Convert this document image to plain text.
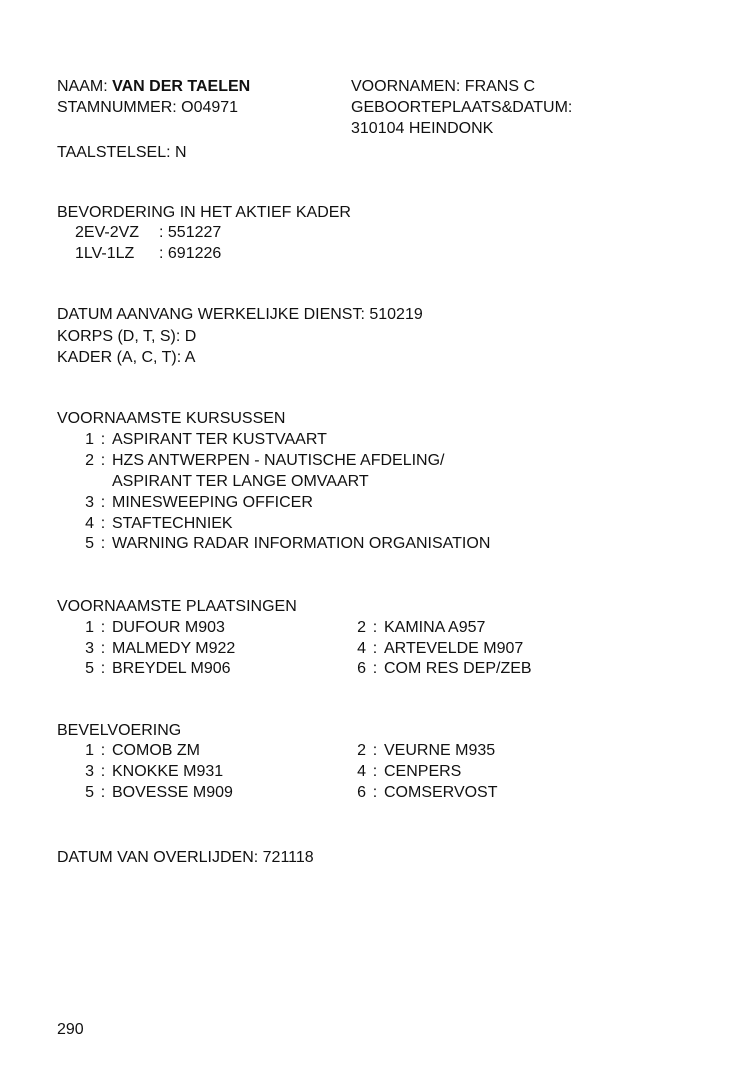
NAAM: VAN DER TAELEN
STAMNUMMER: O04971
VOORNAMEN: FRANS C
GEBOORTEPLAATS&DATUM:
310104 HEINDONK
TAALSTELSEL: N
BEVORDERING IN HET AKTIEF KADER
2EV-2VZ : 551227
1LV-1LZ : 691226
DATUM AANVANG WERKELIJKE DIENST: 510219
KORPS (D, T, S): D
KADER (A, C, T): A
VOORNAAMSTE KURSUSSEN
1 : ASPIRANT TER KUSTVAART
2 : HZS ANTWERPEN - NAUTISCHE AFDELING/
ASPIRANT TER LANGE OMVAART
3 : MINESWEEPING OFFICER
4 : STAFTECHNIEK
5 : WARNING RADAR INFORMATION ORGANISATION
VOORNAAMSTE PLAATSINGEN
1 : DUFOUR M903	2 : KAMINA A957
3 : MALMEDY M922	4 : ARTEVELDE M907
5 : BREYDEL M906	6 : COM RES DEP/ZEB
BEVELVOERING
1 : COMOB ZM	2 : VEURNE M935
3 : KNOKKE M931	4 : CENPERS
5 : BOVESSE M909	6 : COMSERVOST
DATUM VAN OVERLIJDEN: 721118
290
